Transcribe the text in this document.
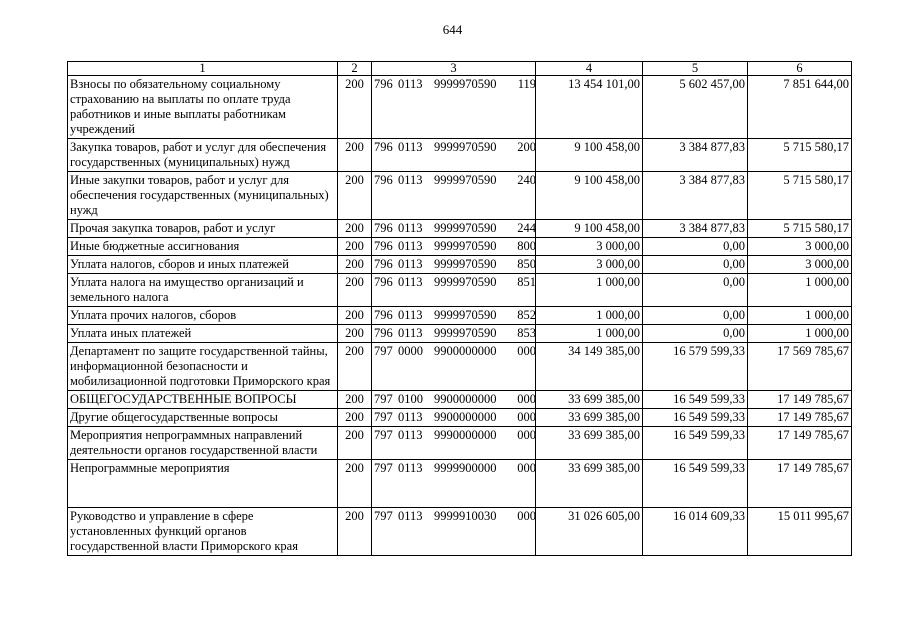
644
1	2	3	4	5	6
Взносы по обязательному социальному страхованию на выплаты по оплате труда работников и иные выплаты работникам учреждений	200	796 0113 9999970590 119	13 454 101,00	5 602 457,00	7 851 644,00
Закупка товаров, работ и услуг для обеспечения государственных (муниципальных) нужд	200	796 0113 9999970590 200	9 100 458,00	3 384 877,83	5 715 580,17
Иные закупки товаров, работ и услуг для обеспечения государственных (муниципальных) нужд	200	796 0113 9999970590 240	9 100 458,00	3 384 877,83	5 715 580,17
Прочая закупка товаров, работ и услуг	200	796 0113 9999970590 244	9 100 458,00	3 384 877,83	5 715 580,17
Иные бюджетные ассигнования	200	796 0113 9999970590 800	3 000,00	0,00	3 000,00
Уплата налогов, сборов и иных платежей	200	796 0113 9999970590 850	3 000,00	0,00	3 000,00
Уплата налога на имущество организаций и земельного налога	200	796 0113 9999970590 851	1 000,00	0,00	1 000,00
Уплата прочих налогов, сборов	200	796 0113 9999970590 852	1 000,00	0,00	1 000,00
Уплата иных платежей	200	796 0113 9999970590 853	1 000,00	0,00	1 000,00
Департамент по защите государственной тайны, информационной безопасности и мобилизационной подготовки Приморского края	200	797 0000 9900000000 000	34 149 385,00	16 579 599,33	17 569 785,67
ОБЩЕГОСУДАРСТВЕННЫЕ ВОПРОСЫ	200	797 0100 9900000000 000	33 699 385,00	16 549 599,33	17 149 785,67
Другие общегосударственные вопросы	200	797 0113 9900000000 000	33 699 385,00	16 549 599,33	17 149 785,67
Мероприятия непрограммных направлений деятельности органов государственной власти	200	797 0113 9990000000 000	33 699 385,00	16 549 599,33	17 149 785,67
Непрограммные мероприятия	200	797 0113 9999900000 000	33 699 385,00	16 549 599,33	17 149 785,67
Руководство и управление в сфере установленных функций органов государственной власти Приморского края	200	797 0113 9999910030 000	31 026 605,00	16 014 609,33	15 011 995,67
